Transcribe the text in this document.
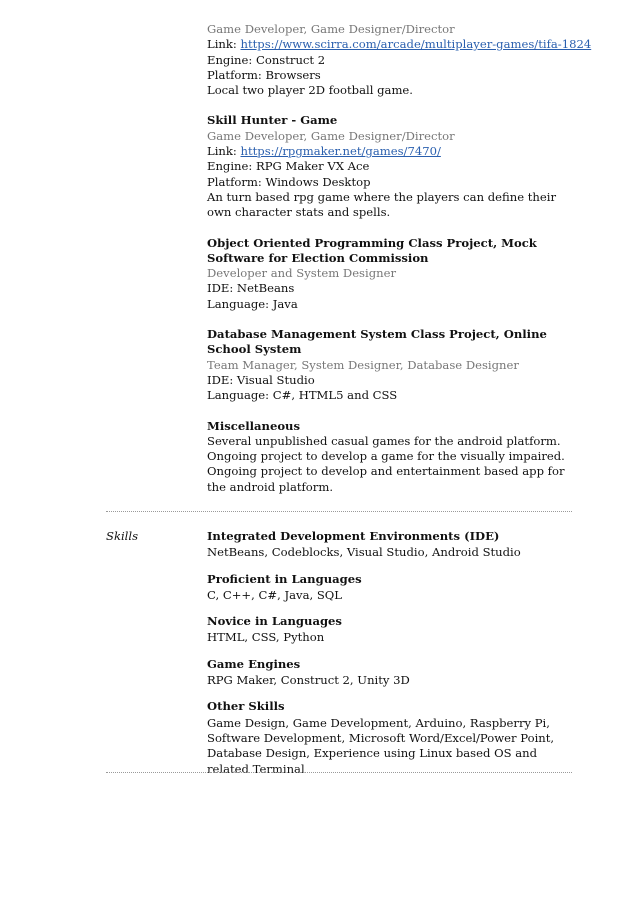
Game Developer, Game Designer/Director
Link: https://www.scirra.com/arcade/multiplayer-games/tifa-1824
Engine: Construct 2
Platform: Browsers
Local two player 2D football game.
Skill Hunter - Game
Game Developer, Game Designer/Director
Link: https://rpgmaker.net/games/7470/
Engine: RPG Maker VX Ace
Platform: Windows Desktop
An turn based rpg game where the players can define their own character stats and spells.
Object Oriented Programming Class Project, Mock Software for Election Commission
Developer and System Designer
IDE: NetBeans
Language: Java
Database Management System Class Project, Online School System
Team Manager, System Designer, Database Designer
IDE: Visual Studio
Language: C#, HTML5 and CSS
Miscellaneous
Several unpublished casual games for the android platform.
Ongoing project to develop a game for the visually impaired.
Ongoing project to develop and entertainment based app for the android platform.
Skills	Integrated Development Environments (IDE)
NetBeans, Codeblocks, Visual Studio, Android Studio
Proficient in Languages
C, C++, C#, Java, SQL
Novice in Languages
HTML, CSS, Python
Game Engines
RPG Maker, Construct 2, Unity 3D
Other Skills
Game Design, Game Development, Arduino, Raspberry Pi, Software Development, Microsoft Word/Excel/Power Point, Database Design, Experience using Linux based OS and related Terminal
